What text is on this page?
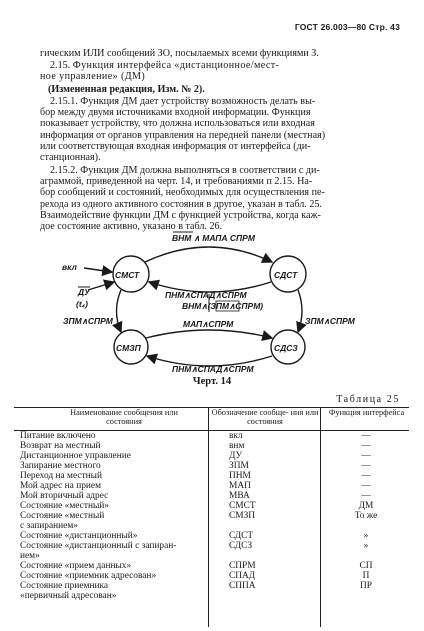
ГОСТ 26.003—80 Стр. 43
гическим ИЛИ сообщений ЗО, посылаемых всеми функциями З.
2.15. Функция интерфейса «дистанционное/мест-
ное управление» (ДМ)
(Измененная редакция, Изм. № 2).
2.15.1. Функция ДМ дает устройству возможность делать вы-
бор между двумя источниками входной информации. Функция
показывает устройству, что должна использоваться или входная
информация от органов управления на передней панели (местная)
или соответствующая входная информация от интерфейса (ди-
станционная).
2.15.2. Функция ДМ должна выполняться в соответствии с ди-
аграммой, приведенной на черт. 14, и требованиями п 2.15. На-
бор сообщений и состояний, необходимых для осуществления пе-
рехода из одного активного состояния в другое, указан в табл. 25.
Взаимодействие функции ДМ с функцией устройства, когда каж-
дое состояние активно, указано в табл. 26.
СМСТ	СДСТ
СМЗП	СДСЗ
ВНМ ∧ МАПА СПРМ
вкл
ДУ
(t₄)
ПНМ∧СПАД∧СПРМ
ВНМ∧(ЗПМ∧СПРМ)
ЗПМ∧СПРМ	ЗПМ∧СПРМ
МАП∧СПРМ
ПНМ∧СПАД∧СПРМ
Черт. 14
Таблица 25
Наименование сообщения или состояния
Обозначение сообще- ния или состояния
Функция интерфейса
Питание включено	вкл	—
Возврат на местный	внм	—
Дистанционное управление	ДУ	—
Запирание местного	ЗПМ	—
Переход на местный	ПНМ	—
Мой адрес на прием	МАП	—
Мой вторичный адрес	МВА	—
Состояние «местный»	СМСТ	ДМ
Состояние «местный	СМЗП	То же
с запиранием»
Состояние «дистанционный»	СДСТ	»
Состояние «дистанционный с запиран-	СДСЗ	»
ием»
Состояние «прием данных»	СПРМ	СП
Состояние «приемник адресован»	СПАД	П
Состояние приемника	СППА	ПР
«первичный адресован»
